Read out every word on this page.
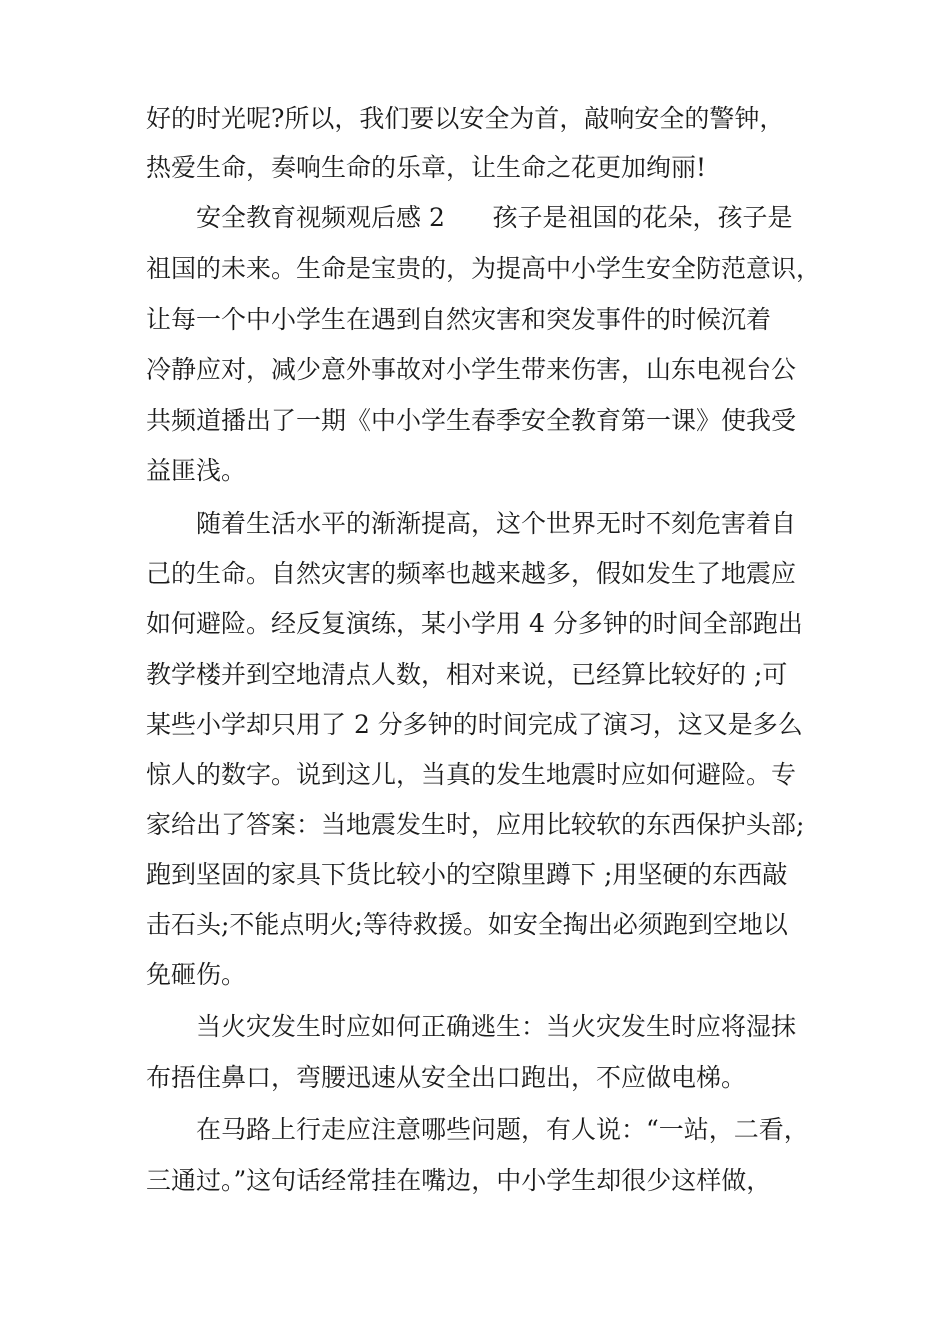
好的时光呢?所以，我们要以安全为首，敲响安全的警钟，

热爱生命，奏响生命的乐章，让生命之花更加绚丽!

安全教育视频观后感 2      孩子是祖国的花朵，孩子是

祖国的未来。生命是宝贵的，为提高中小学生安全防范意识，

让每一个中小学生在遇到自然灾害和突发事件的时候沉着

冷静应对，减少意外事故对小学生带来伤害，山东电视台公

共频道播出了一期《中小学生春季安全教育第一课》使我受

益匪浅。

随着生活水平的渐渐提高，这个世界无时不刻危害着自

己的生命。自然灾害的频率也越来越多，假如发生了地震应

如何避险。经反复演练，某小学用 4 分多钟的时间全部跑出

教学楼并到空地清点人数，相对来说，已经算比较好的 ;可

某些小学却只用了 2 分多钟的时间完成了演习，这又是多么

惊人的数字。说到这儿，当真的发生地震时应如何避险。专

家给出了答案：当地震发生时，应用比较软的东西保护头部;

跑到坚固的家具下货比较小的空隙里蹲下 ;用坚硬的东西敲

击石头;不能点明火;等待救援。如安全掏出必须跑到空地以

免砸伤。

当火灾发生时应如何正确逃生：当火灾发生时应将湿抹

布捂住鼻口，弯腰迅速从安全出口跑出，不应做电梯。

在马路上行走应注意哪些问题，有人说：“一站，二看，

三通过。”这句话经常挂在嘴边，中小学生却很少这样做，
